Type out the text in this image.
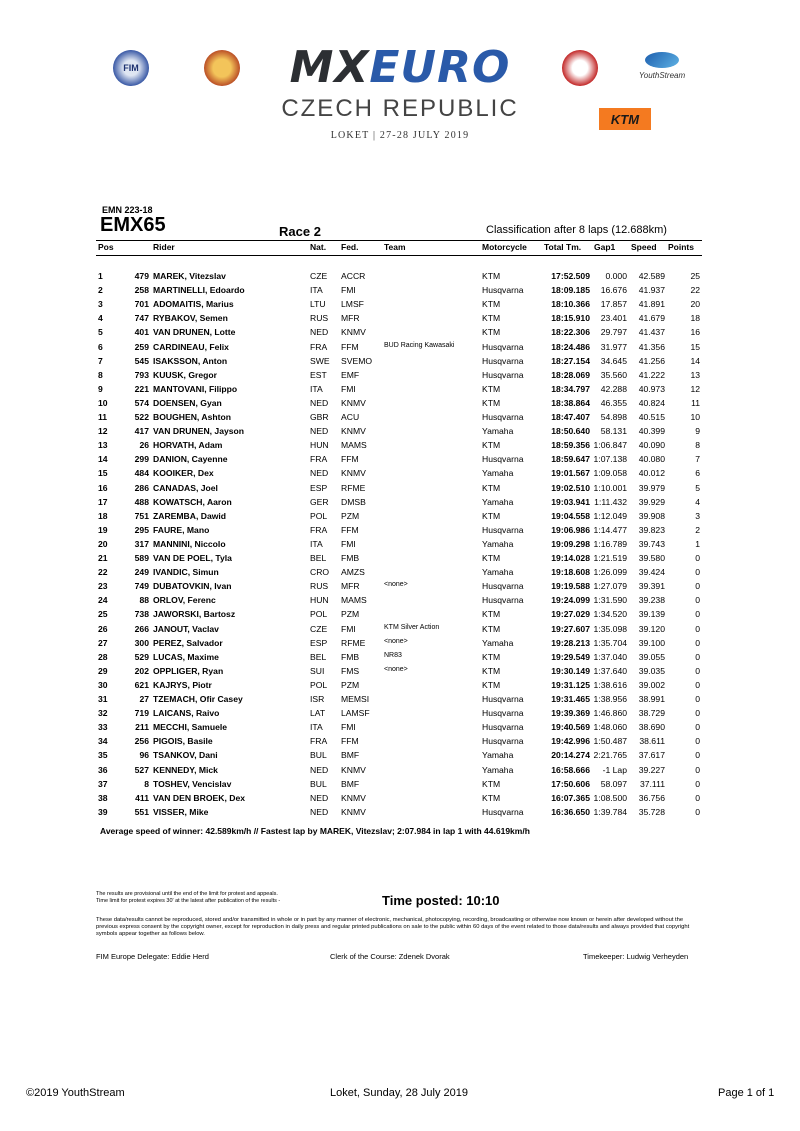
FIM	MX EURO	YouthStream
CZECH REPUBLIC
LOKET | 27-28 JULY 2019
KTM
EMN 223-18
EMX65	Race 2	Classification after 8 laps (12.688km)
Pos	Rider	Nat. Fed.	Team	Motorcycle Total Tm. Gap1 Speed Points
1	479 MAREK, Vitezslav	CZE ACCR	KTM	17:52.509	0.000	42.589	25
2	258 MARTINELLI, Edoardo	ITA FMI	Husqvarna	18:09.185	16.676	41.937	22
3	701 ADOMAITIS, Marius	LTU LMSF	KTM	18:10.366	17.857	41.891	20
4	747 RYBAKOV, Semen	RUS MFR	KTM	18:15.910	23.401	41.679	18
5	401 VAN DRUNEN, Lotte	NED KNMV	KTM	18:22.306	29.797	41.437	16
6	259 CARDINEAU, Felix	FRA FFM	BUD Racing Kawasaki	Husqvarna	18:24.486	31.977	41.356	15
7	545 ISAKSSON, Anton	SWE SVEMO	Husqvarna	18:27.154	34.645	41.256	14
8	793 KUUSK, Gregor	EST EMF	Husqvarna	18:28.069	35.560	41.222	13
9	221 MANTOVANI, Filippo	ITA FMI	KTM	18:34.797	42.288	40.973	12
10	574 DOENSEN, Gyan	NED KNMV	KTM	18:38.864	46.355	40.824	11
11	522 BOUGHEN, Ashton	GBR ACU	Husqvarna	18:47.407	54.898	40.515	10
12	417 VAN DRUNEN, Jayson	NED KNMV	Yamaha	18:50.640	58.131	40.399	9
13	26 HORVATH, Adam	HUN MAMS	KTM	18:59.356 1:06.847	40.090	8
14	299 DANION, Cayenne	FRA FFM	Husqvarna	18:59.647 1:07.138	40.080	7
15	484 KOOIKER, Dex	NED KNMV	Yamaha	19:01.567 1:09.058	40.012	6
16	286 CANADAS, Joel	ESP RFME	KTM	19:02.510 1:10.001	39.979	5
17	488 KOWATSCH, Aaron	GER DMSB	Yamaha	19:03.941 1:11.432	39.929	4
18	751 ZAREMBA, Dawid	POL PZM	KTM	19:04.558 1:12.049	39.908	3
19	295 FAURE, Mano	FRA FFM	Husqvarna	19:06.986 1:14.477	39.823	2
20	317 MANNINI, Niccolo	ITA FMI	Yamaha	19:09.298 1:16.789	39.743	1
21	589 VAN DE POEL, Tyla	BEL FMB	KTM	19:14.028 1:21.519	39.580	0
22	249 IVANDIC, Simun	CRO AMZS	Yamaha	19:18.608 1:26.099	39.424	0
23	749 DUBATOVKIN, Ivan	RUS MFR	<none>	Husqvarna	19:19.588 1:27.079	39.391	0
24	88 ORLOV, Ferenc	HUN MAMS	Husqvarna	19:24.099 1:31.590	39.238	0
25	738 JAWORSKI, Bartosz	POL PZM	KTM	19:27.029 1:34.520	39.139	0
26	266 JANOUT, Vaclav	CZE FMI	KTM Silver Action	KTM	19:27.607 1:35.098	39.120	0
27	300 PEREZ, Salvador	ESP RFME	<none>	Yamaha	19:28.213 1:35.704	39.100	0
28	529 LUCAS, Maxime	BEL FMB	NR83	KTM	19:29.549 1:37.040	39.055	0
29	202 OPPLIGER, Ryan	SUI FMS	<none>	KTM	19:30.149 1:37.640	39.035	0
30	621 KAJRYS, Piotr	POL PZM	KTM	19:31.125 1:38.616	39.002	0
31	27 TZEMACH, Ofir Casey	ISR MEMSI	Husqvarna	19:31.465 1:38.956	38.991	0
32	719 LAICANS, Raivo	LAT LAMSF	Husqvarna	19:39.369 1:46.860	38.729	0
33	211 MECCHI, Samuele	ITA FMI	Husqvarna	19:40.569 1:48.060	38.690	0
34	256 PIGOIS, Basile	FRA FFM	Husqvarna	19:42.996 1:50.487	38.611	0
35	96 TSANKOV, Dani	BUL BMF	Yamaha	20:14.274 2:21.765	37.617	0
36	527 KENNEDY, Mick	NED KNMV	Yamaha	16:58.666	-1 Lap	39.227	0
37	8 TOSHEV, Vencislav	BUL BMF	KTM	17:50.606	58.097	37.111	0
38	411 VAN DEN BROEK, Dex	NED KNMV	KTM	16:07.365 1:08.500	36.756	0
39	551 VISSER, Mike	NED KNMV	Husqvarna	16:36.650 1:39.784	35.728	0
Average speed of winner: 42.589km/h // Fastest lap by MAREK, Vitezslav; 2:07.984 in lap 1 with 44.619km/h
The results are provisional until the end of the limit for protest and appeals.
Time limit for protest expires 30' at the latest after publication of the results -	Time posted: 10:10
These data/results cannot be reproduced, stored and/or transmitted in whole or in part by any manner of electronic, mechanical, photocopying, recording, broadcasting or otherwise now known or herein after developed without the previous express consent by the copyright owner, except for reproduction in daily press and regular printed publications on sale to the public within 60 days of the event related to those data/results and always provided that copyright symbols appear together as follows below.
FIM Europe Delegate: Eddie Herd	Clerk of the Course: Zdenek Dvorak	Timekeeper: Ludwig Verheyden
©2019 YouthStream	Loket, Sunday, 28 July 2019	Page 1 of 1
